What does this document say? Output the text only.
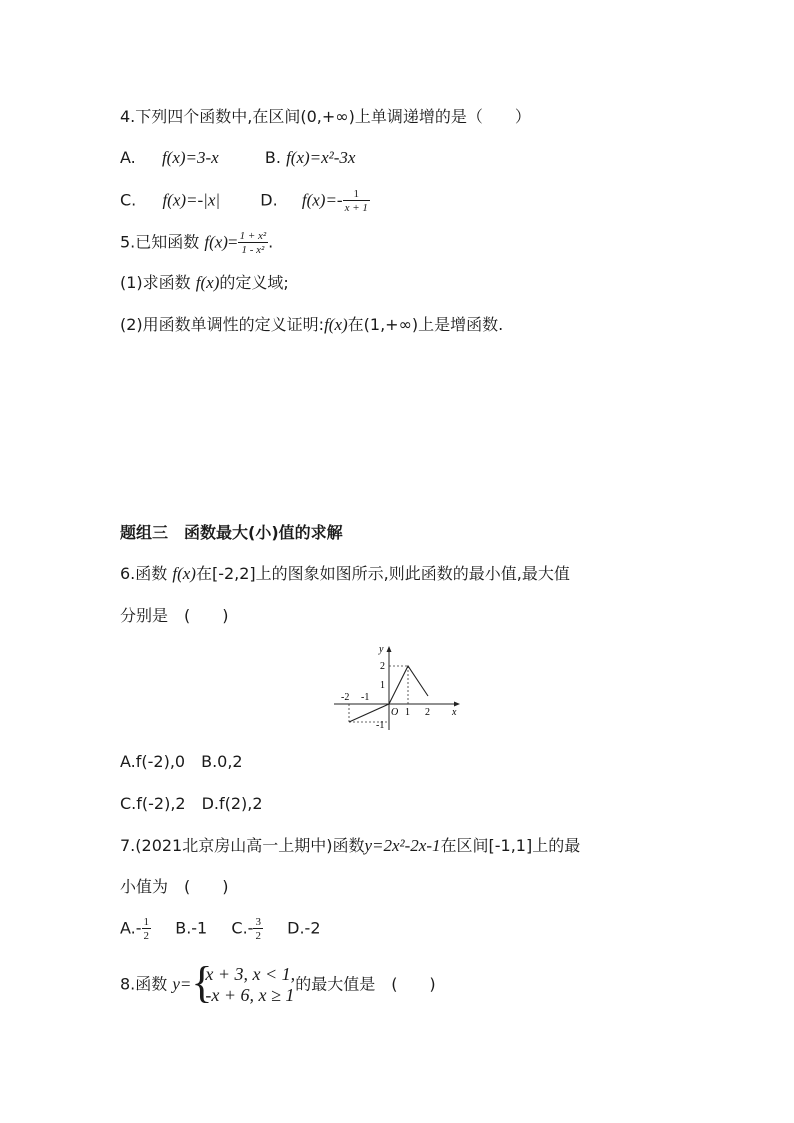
4.下列四个函数中,在区间(0,+∞)上单调递增的是（　　）
A. f(x)=3-x	B. f(x)=x²-3x
C. f(x)=-|x|	D. $f(x)=- \frac{1}{x + 1}$
5.已知函数 $f(x)= \frac{\text{1 + x²}}{\text{1 - x²}}$ .
(1)求函数 f(x)的定义域;
(2)用函数单调性的定义证明:f(x)在(1,+∞)上是增函数.
题组三　函数最大(小)值的求解
6.函数 f(x)在[-2,2]上的图象如图所示,则此函数的最小值,最大值
分别是　(　　)
y
x
O
-2 -1
1 2
2
1
-1
A.f(-2),0　B.0,2
C.f(-2),2　D.f(2),2
7.(2021北京房山高一上期中)函数y=2x²-2x-1在区间[-1,1]上的最
小值为　(　　)
$A.- \frac{1}{2} B.-1$ $C.- \frac{3}{2} D.-2$
8.函数 y= {
x + 3, x < 1,
-x + 6, x ≥ 1
的最大值是　(　　)
